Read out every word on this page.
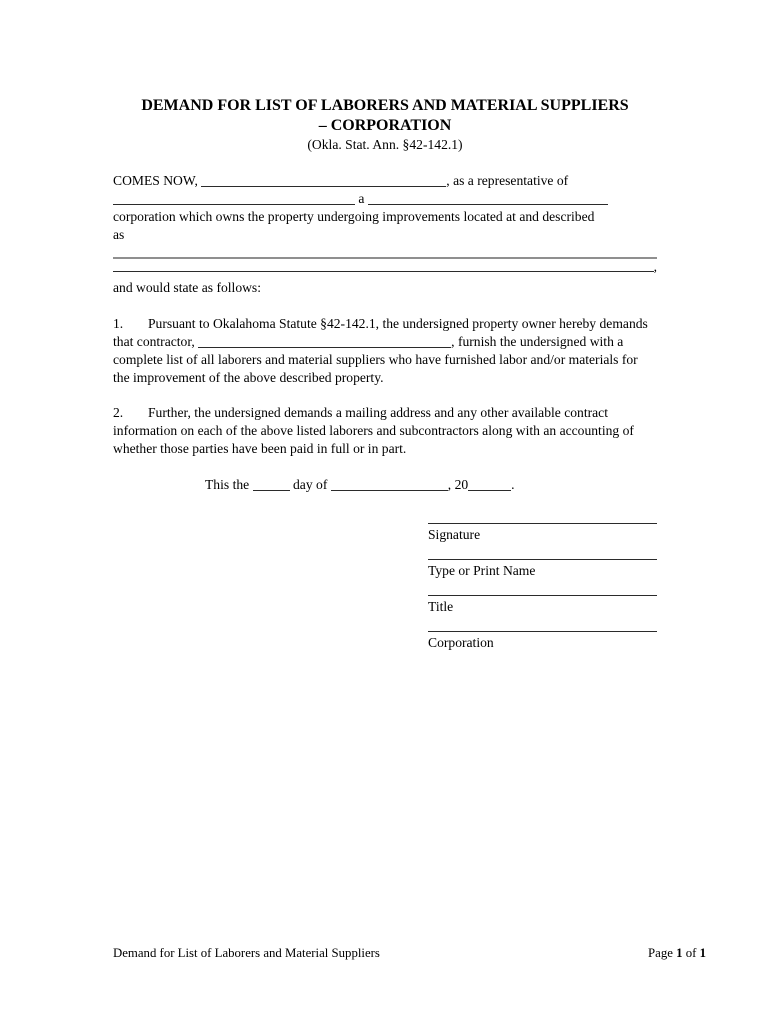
DEMAND FOR LIST OF LABORERS AND MATERIAL SUPPLIERS
– CORPORATION
(Okla. Stat. Ann. §42-142.1)

COMES NOW,	, as a representative of
a
corporation which owns the property undergoing improvements located at and described
as

,

and would state as follows:

1. Pursuant to Okalahoma Statute §42-142.1, the undersigned property owner hereby demands that contractor,	, furnish the undersigned with a complete list of all laborers and material suppliers who have furnished labor and/or materials for the improvement of the above described property.

2. Further, the undersigned demands a mailing address and any other available contract information on each of the above listed laborers and subcontractors along with an accounting of whether those parties have been paid in full or in part.

This the	day of	, 20	.

Signature
Type or Print Name
Title
Corporation
Demand for List of Laborers and Material Suppliers	Page 1 of 1
